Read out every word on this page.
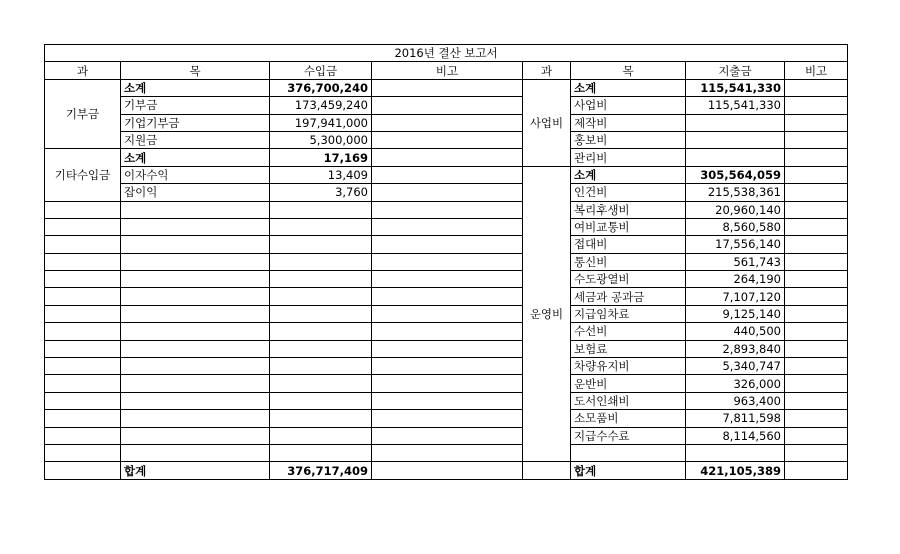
2016년 결산 보고서							
과	목	수입금	비고	과	목	지출금	비고
기부금	소계	376,700,240		사업비	소계	115,541,330	
	기부금	173,459,240			사업비	115,541,330	
	기업기부금	197,941,000			제작비		
	지원금	5,300,000			홍보비		
기타수입금	소계	17,169			관리비		
	이자수익	13,409		운영비	소계	305,564,059	
	잡이익	3,760			인건비	215,538,361	
					복리후생비	20,960,140	
					여비교통비	8,560,580	
					접대비	17,556,140	
					통신비	561,743	
					수도광열비	264,190	
					세금과 공과금	7,107,120	
					지급임차료	9,125,140	
					수선비	440,500	
					보험료	2,893,840	
					차량유지비	5,340,747	
					운반비	326,000	
					도서인쇄비	963,400	
					소모품비	7,811,598	
					지급수수료	8,114,560	

	합계	376,717,409			합계	421,105,389	
